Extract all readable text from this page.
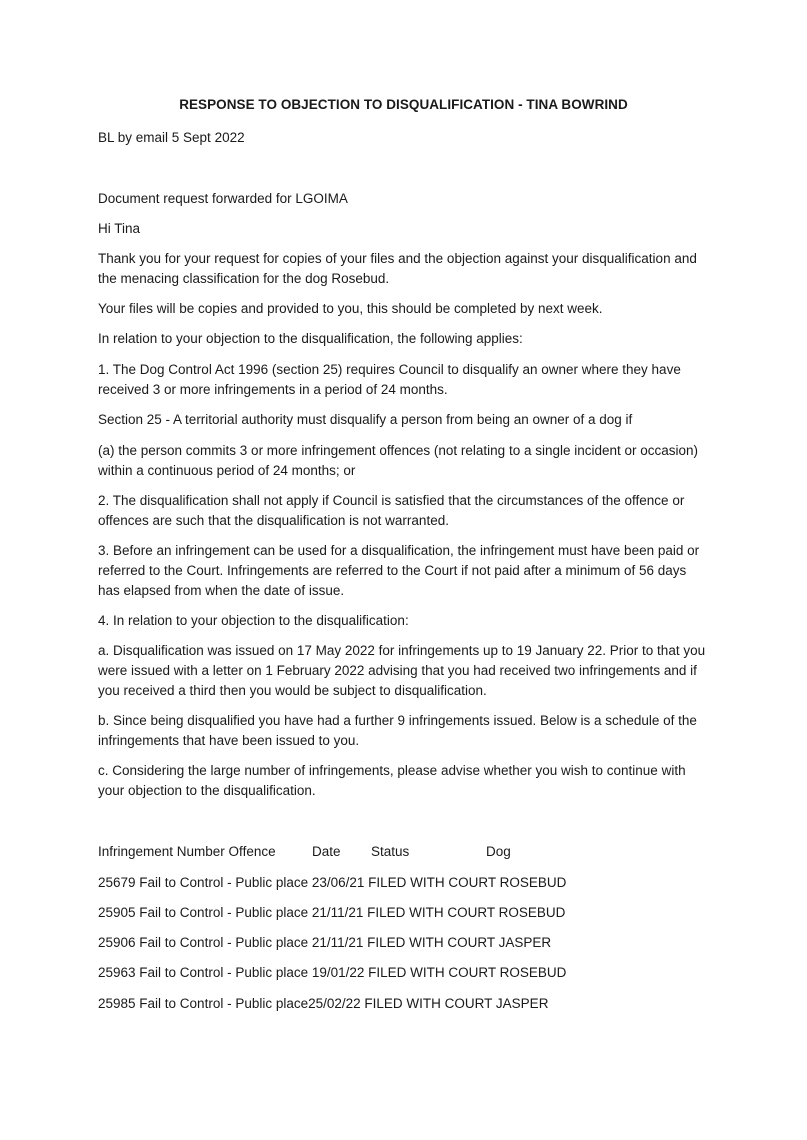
RESPONSE TO OBJECTION TO DISQUALIFICATION - TINA BOWRIND
BL by email 5 Sept 2022
Document request forwarded for LGOIMA
Hi Tina
Thank you for your request for copies of your files and the objection against your disqualification and the menacing classification for the dog Rosebud.
Your files will be copies and provided to you, this should be completed by next week.
In relation to your objection to the disqualification, the following applies:
1. The Dog Control Act 1996 (section 25) requires Council to disqualify an owner where they have received 3 or more infringements in a period of 24 months.
Section 25 - A territorial authority must disqualify a person from being an owner of a dog if
(a) the person commits 3 or more infringement offences (not relating to a single incident or occasion) within a continuous period of 24 months; or
2. The disqualification shall not apply if Council is satisfied that the circumstances of the offence or offences are such that the disqualification is not warranted.
3. Before an infringement can be used for a disqualification, the infringement must have been paid or referred to the Court. Infringements are referred to the Court if not paid after a minimum of 56 days has elapsed from when the date of issue.
4. In relation to your objection to the disqualification:
a. Disqualification was issued on 17 May 2022 for infringements up to 19 January 22. Prior to that you were issued with a letter on 1 February 2022 advising that you had received two infringements and if you received a third then you would be subject to disqualification.
b. Since being disqualified you have had a further 9 infringements issued. Below is a schedule of the infringements that have been issued to you.
c. Considering the large number of infringements, please advise whether you wish to continue with your objection to the disqualification.
Infringement Number Offence	Date Status	Dog
25679 Fail to Control - Public place 23/06/21 FILED WITH COURT ROSEBUD
25905 Fail to Control - Public place 21/11/21 FILED WITH COURT ROSEBUD
25906 Fail to Control - Public place 21/11/21 FILED WITH COURT JASPER
25963 Fail to Control - Public place 19/01/22 FILED WITH COURT ROSEBUD
25985 Fail to Control - Public place25/02/22 FILED WITH COURT JASPER
